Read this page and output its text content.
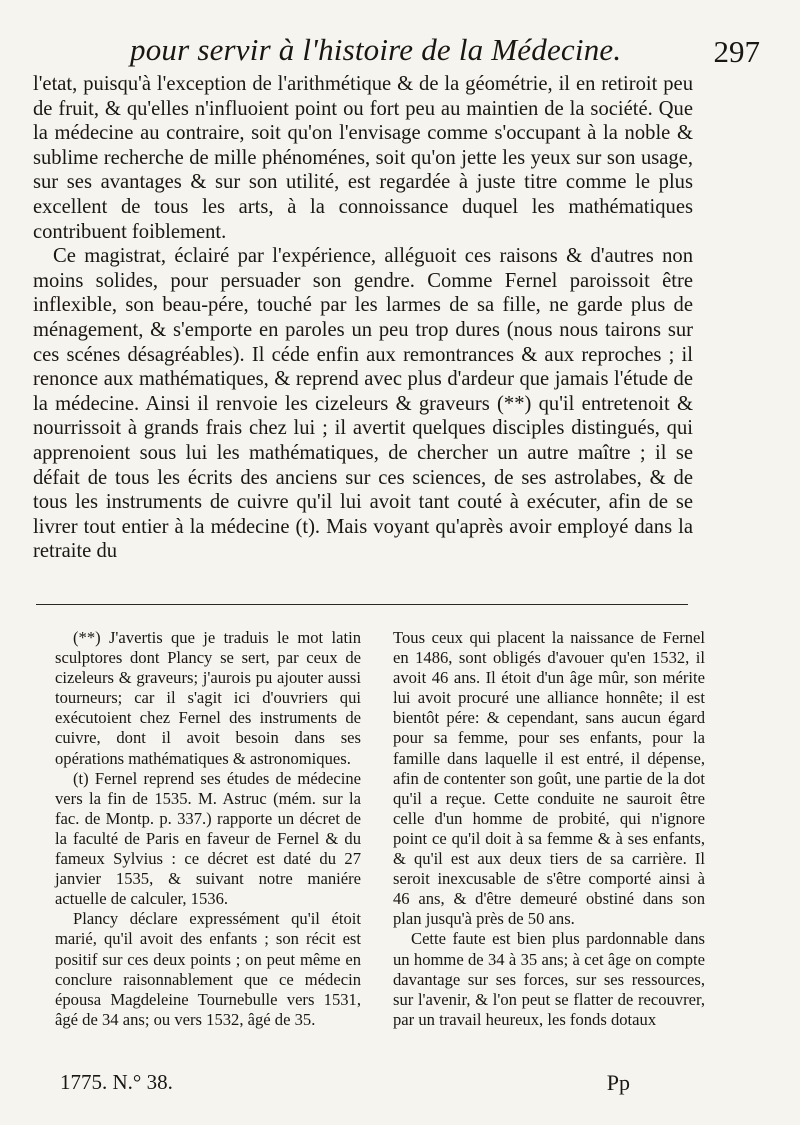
pour servir à l'histoire de la Médecine.	297

l'etat, puisqu'à l'exception de l'arithmétique & de la géométrie, il en retiroit peu de fruit, & qu'elles n'influoient point ou fort peu au maintien de la société. Que la médecine au contraire, soit qu'on l'envisage comme s'occupant à la noble & sublime recherche de mille phénoménes, soit qu'on jette les yeux sur son usage, sur ses avantages & sur son utilité, est regardée à juste titre comme le plus excellent de tous les arts, à la connoissance duquel les mathématiques contribuent foiblement.

Ce magistrat, éclairé par l'expérience, alléguoit ces raisons & d'autres non moins solides, pour persuader son gendre. Comme Fernel paroissoit être inflexible, son beau-pére, touché par les larmes de sa fille, ne garde plus de ménagement, & s'emporte en paroles un peu trop dures (nous nous tairons sur ces scénes désagréables). Il céde enfin aux remontrances & aux reproches ; il renonce aux mathématiques, & reprend avec plus d'ardeur que jamais l'étude de la médecine. Ainsi il renvoie les cizeleurs & graveurs (**) qu'il entretenoit & nourrissoit à grands frais chez lui ; il avertit quelques disciples distingués, qui apprenoient sous lui les mathématiques, de chercher un autre maître ; il se défait de tous les écrits des anciens sur ces sciences, de ses astrolabes, & de tous les instruments de cuivre qu'il lui avoit tant couté à exécuter, afin de se livrer tout entier à la médecine (t). Mais voyant qu'après avoir employé dans la retraite du

(**) J'avertis que je traduis le mot latin sculptores dont Plancy se sert, par ceux de cizeleurs & graveurs; j'aurois pu ajouter aussi tourneurs; car il s'agit ici d'ouvriers qui exécutoient chez Fernel des instruments de cuivre, dont il avoit besoin dans ses opérations mathématiques & astronomiques.

(t) Fernel reprend ses études de médecine vers la fin de 1535. M. Astruc (mém. sur la fac. de Montp. p. 337.) rapporte un décret de la faculté de Paris en faveur de Fernel & du fameux Sylvius : ce décret est daté du 27 janvier 1535, & suivant notre maniére actuelle de calculer, 1536.

Plancy déclare expressément qu'il étoit marié, qu'il avoit des enfants ; son récit est positif sur ces deux points ; on peut même en conclure raisonnablement que ce médecin épousa Magdeleine Tournebulle vers 1531, âgé de 34 ans; ou vers 1532, âgé de 35.

Tous ceux qui placent la naissance de Fernel en 1486, sont obligés d'avouer qu'en 1532, il avoit 46 ans. Il étoit d'un âge mûr, son mérite lui avoit procuré une alliance honnête; il est bientôt pére: & cependant, sans aucun égard pour sa femme, pour ses enfants, pour la famille dans laquelle il est entré, il dépense, afin de contenter son goût, une partie de la dot qu'il a reçue. Cette conduite ne sauroit être celle d'un homme de probité, qui n'ignore point ce qu'il doit à sa femme & à ses enfants, & qu'il est aux deux tiers de sa carrière. Il seroit inexcusable de s'être comporté ainsi à 46 ans, & d'être demeuré obstiné dans son plan jusqu'à près de 50 ans.

Cette faute est bien plus pardonnable dans un homme de 34 à 35 ans; à cet âge on compte davantage sur ses forces, sur ses ressources, sur l'avenir, & l'on peut se flatter de recouvrer, par un travail heureux, les fonds dotaux

1775. N.° 38.	Pp
